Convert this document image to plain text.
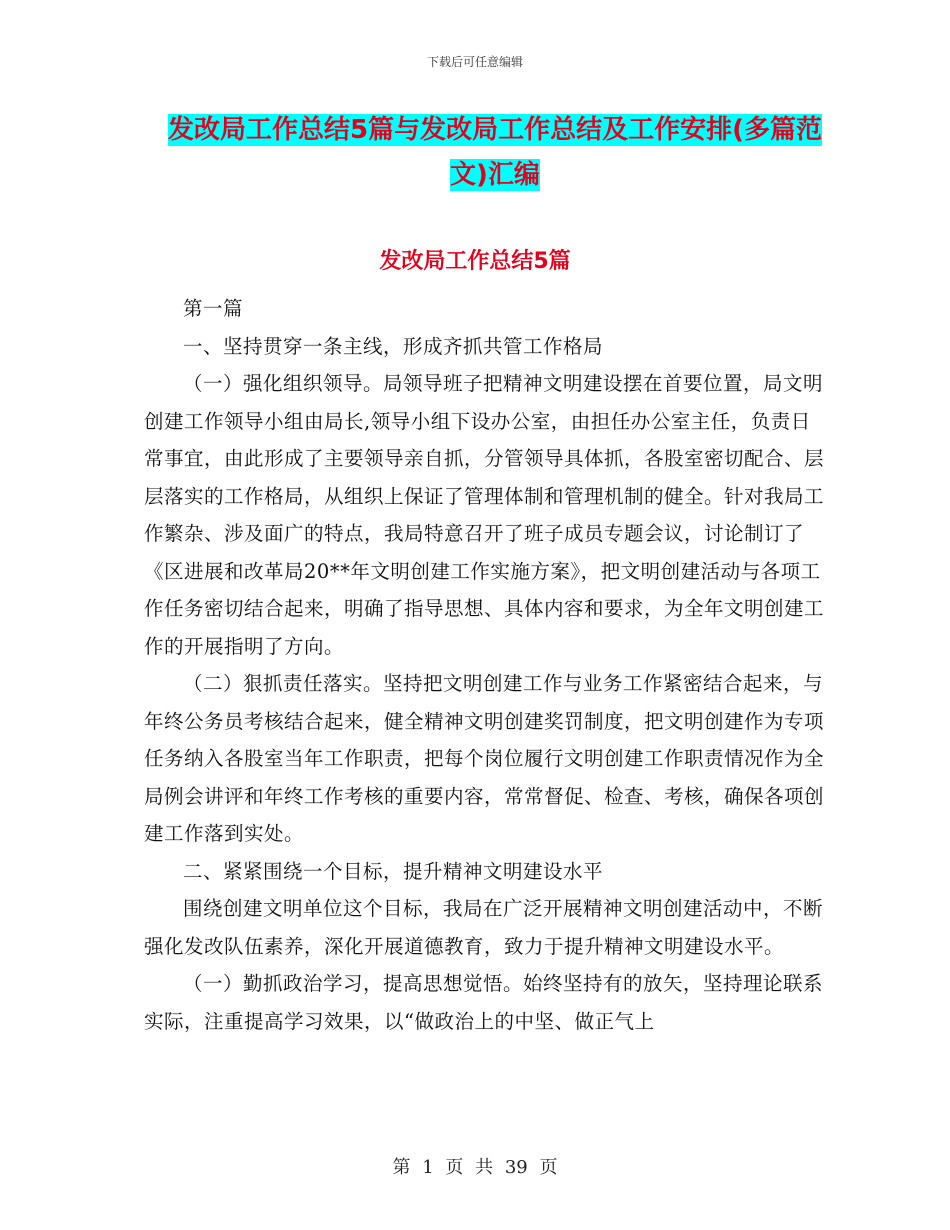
下载后可任意编辑
发改局工作总结5篇与发改局工作总结及工作安排(多篇范文)汇编
发改局工作总结5篇

第一篇

一、坚持贯穿一条主线，形成齐抓共管工作格局

（一）强化组织领导。局领导班子把精神文明建设摆在首要位置，局文明创建工作领导小组由局长,领导小组下设办公室，由担任办公室主任，负责日常事宜，由此形成了主要领导亲自抓，分管领导具体抓，各股室密切配合、层层落实的工作格局，从组织上保证了管理体制和管理机制的健全。针对我局工作繁杂、涉及面广的特点，我局特意召开了班子成员专题会议，讨论制订了《区进展和改革局20**年文明创建工作实施方案》，把文明创建活动与各项工作任务密切结合起来，明确了指导思想、具体内容和要求，为全年文明创建工作的开展指明了方向。

（二）狠抓责任落实。坚持把文明创建工作与业务工作紧密结合起来，与年终公务员考核结合起来，健全精神文明创建奖罚制度，把文明创建作为专项任务纳入各股室当年工作职责，把每个岗位履行文明创建工作职责情况作为全局例会讲评和年终工作考核的重要内容，常常督促、检查、考核，确保各项创建工作落到实处。

二、紧紧围绕一个目标，提升精神文明建设水平

围绕创建文明单位这个目标，我局在广泛开展精神文明创建活动中，不断强化发改队伍素养，深化开展道德教育，致力于提升精神文明建设水平。

（一）勤抓政治学习，提高思想觉悟。始终坚持有的放矢，坚持理论联系实际，注重提高学习效果，以“做政治上的中坚、做正气上

第 1 页 共 39 页
